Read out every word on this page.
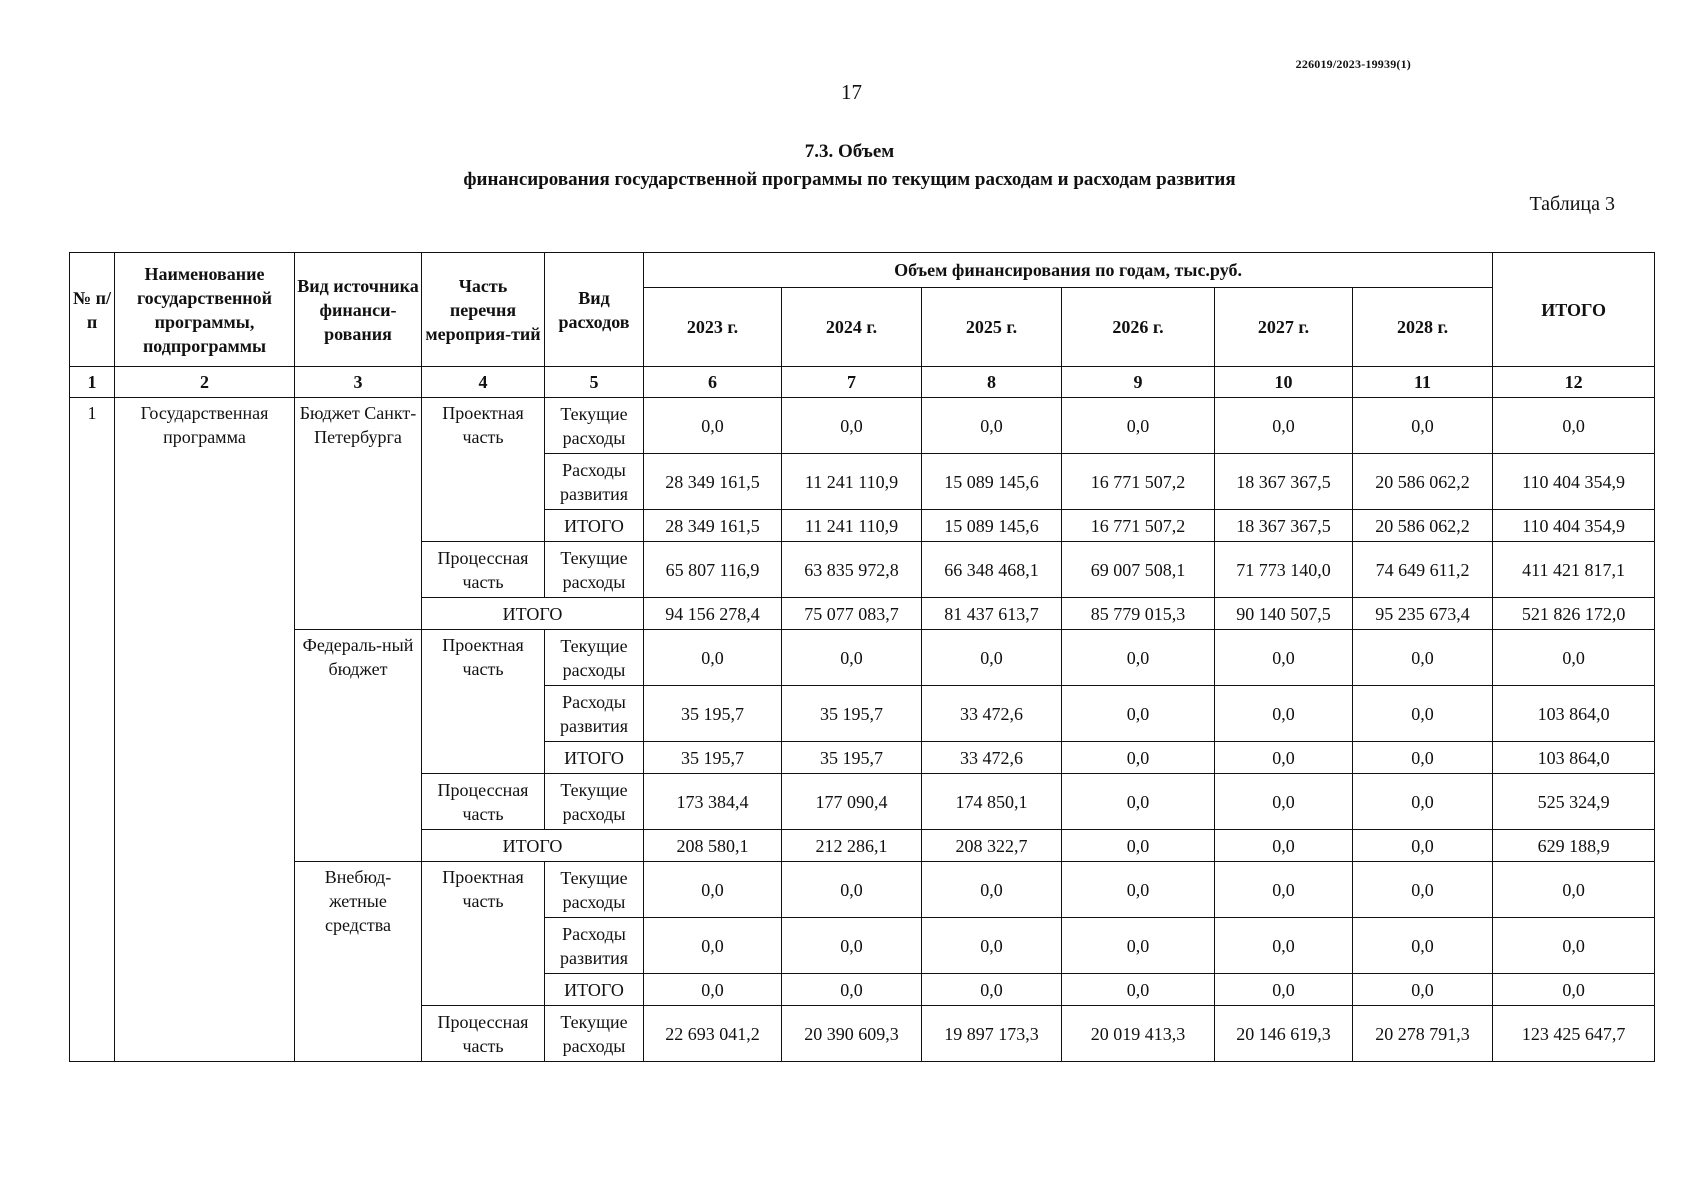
226019/2023-19939(1)
17
7.3. Объем
финансирования государственной программы по текущим расходам и расходам развития
Таблица 3
№ п/п	Наименование государственной программы, подпрограммы	Вид источника финанси-рования	Часть перечня мероприя-тий	Вид расходов	Объем финансирования по годам, тыс.руб.						ИТОГО
					2023 г.	2024 г.	2025 г.	2026 г.	2027 г.	2028 г.	
1	2	3	4	5	6	7	8	9	10	11	12
1	Государственная программа	Бюджет Санкт-Петербурга	Проектная часть	Текущие расходы	0,0	0,0	0,0	0,0	0,0	0,0	0,0
				Расходы развития	28 349 161,5	11 241 110,9	15 089 145,6	16 771 507,2	18 367 367,5	20 586 062,2	110 404 354,9
				ИТОГО	28 349 161,5	11 241 110,9	15 089 145,6	16 771 507,2	18 367 367,5	20 586 062,2	110 404 354,9
			Процессная часть	Текущие расходы	65 807 116,9	63 835 972,8	66 348 468,1	69 007 508,1	71 773 140,0	74 649 611,2	411 421 817,1
			ИТОГО		94 156 278,4	75 077 083,7	81 437 613,7	85 779 015,3	90 140 507,5	95 235 673,4	521 826 172,0
		Федераль-ный бюджет	Проектная часть	Текущие расходы	0,0	0,0	0,0	0,0	0,0	0,0	0,0
				Расходы развития	35 195,7	35 195,7	33 472,6	0,0	0,0	0,0	103 864,0
				ИТОГО	35 195,7	35 195,7	33 472,6	0,0	0,0	0,0	103 864,0
			Процессная часть	Текущие расходы	173 384,4	177 090,4	174 850,1	0,0	0,0	0,0	525 324,9
			ИТОГО		208 580,1	212 286,1	208 322,7	0,0	0,0	0,0	629 188,9
		Внебюд-жетные средства	Проектная часть	Текущие расходы	0,0	0,0	0,0	0,0	0,0	0,0	0,0
				Расходы развития	0,0	0,0	0,0	0,0	0,0	0,0	0,0
				ИТОГО	0,0	0,0	0,0	0,0	0,0	0,0	0,0
			Процессная часть	Текущие расходы	22 693 041,2	20 390 609,3	19 897 173,3	20 019 413,3	20 146 619,3	20 278 791,3	123 425 647,7
